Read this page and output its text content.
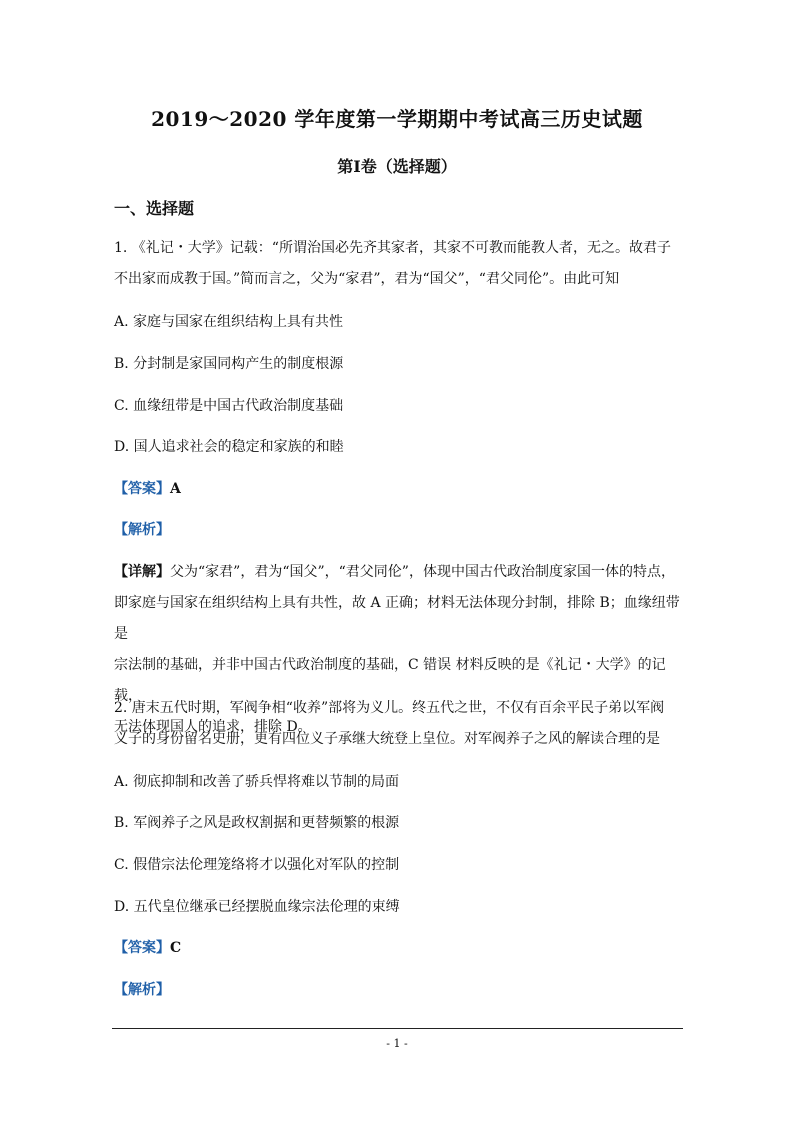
2019～2020 学年度第一学期期中考试高三历史试题
第Ⅰ卷（选择题）
一、选择题
1. 《礼记・大学》记载：“所谓治国必先齐其家者，其家不可教而能教人者，无之。故君子
不出家而成教于国。”简而言之，父为“家君”，君为“国父”，“君父同伦”。由此可知
A. 家庭与国家在组织结构上具有共性
B. 分封制是家国同构产生的制度根源
C. 血缘纽带是中国古代政治制度基础
D. 国人追求社会的稳定和家族的和睦
【答案】A
【解析】
【详解】父为“家君”，君为“国父”，“君父同伦”，体现中国古代政治制度家国一体的特点，
即家庭与国家在组织结构上具有共性，故 A 正确；材料无法体现分封制，排除 B；血缘纽带是
宗法制的基础，并非中国古代政治制度的基础，C 错误 材料反映的是《礼记・大学》的记载，
无法体现国人的追求，排除 D。
2. 唐末五代时期，军阀争相“收养”部将为义儿。终五代之世，不仅有百余平民子弟以军阀
义子的身份留名史册，更有四位义子承继大统登上皇位。对军阀养子之风的解读合理的是
A. 彻底抑制和改善了骄兵悍将难以节制的局面
B. 军阀养子之风是政权割据和更替频繁的根源
C. 假借宗法伦理笼络将才以强化对军队的控制
D. 五代皇位继承已经摆脱血缘宗法伦理的束缚
【答案】C
【解析】
- 1 -
